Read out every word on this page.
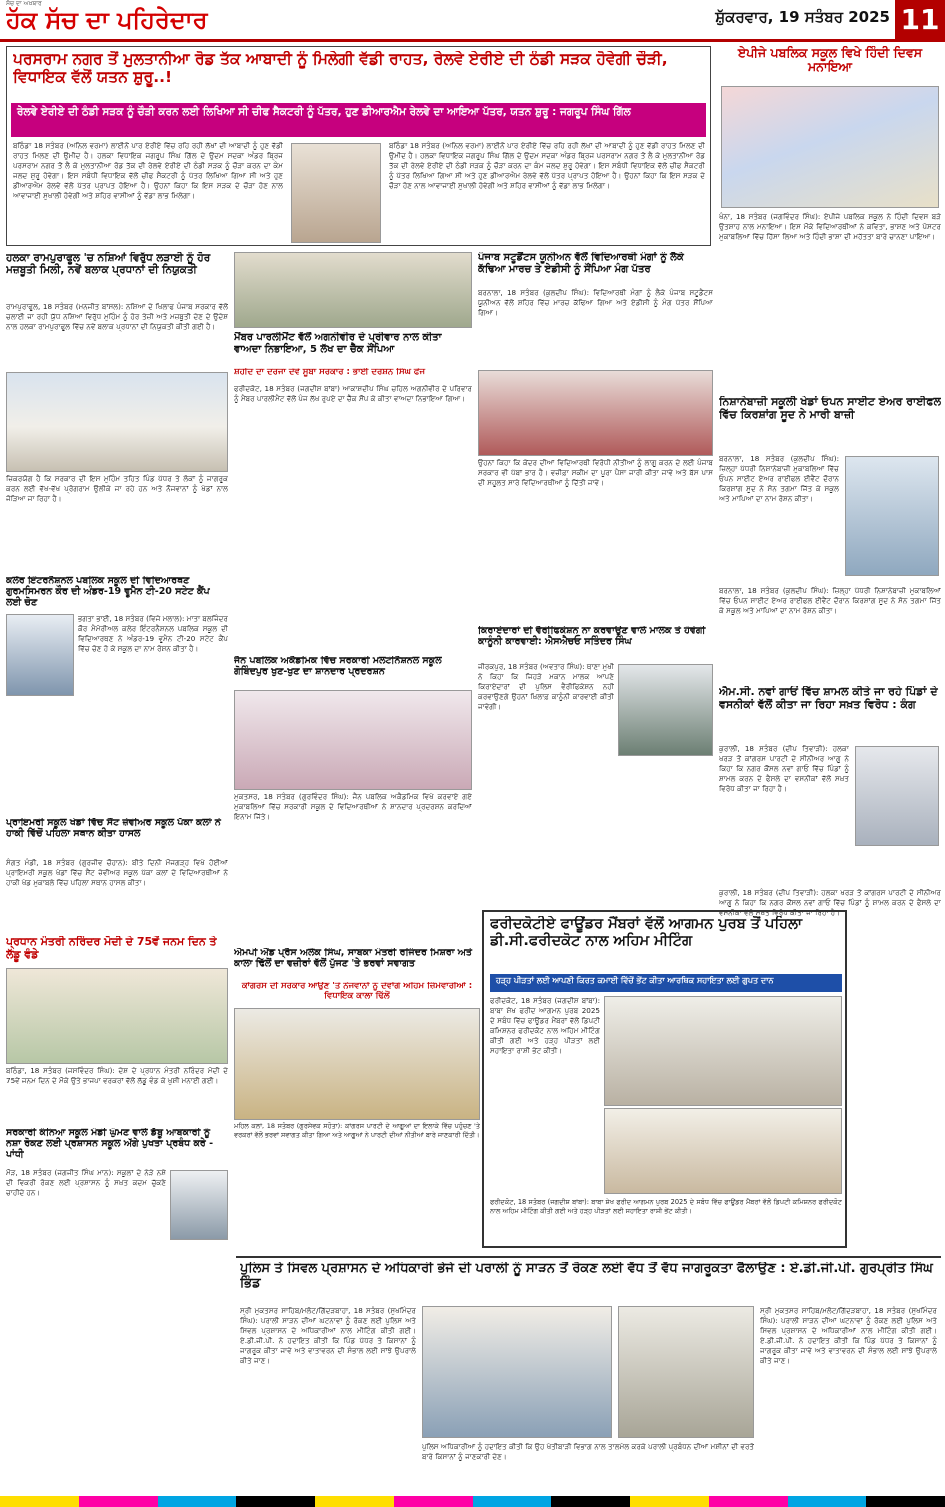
ਸੱਚ ਦਾ ਅਖ਼ਬਾਰ
ਹੱਕ ਸੱਚ ਦਾ ਪਹਿਰੇਦਾਰ	ਸ਼ੁੱਕਰਵਾਰ, 19 ਸਤੰਬਰ 2025 11
ਪਰਸਰਾਮ ਨਗਰ ਤੋਂ ਮੁਲਤਾਨੀਆ ਰੋਡ ਤੱਕ ਆਬਾਦੀ ਨੂੰ ਮਿਲੇਗੀ ਵੱਡੀ ਰਾਹਤ, ਰੇਲਵੇ ਏਰੀਏ ਦੀ ਠੰਡੀ ਸੜਕ ਹੋਵੇਗੀ ਚੌੜੀ, ਵਿਧਾਇਕ ਵੱਲੋਂ ਯਤਨ ਸ਼ੁਰੂ..!
ਰੇਲਵੇ ਏਰੀਏ ਦੀ ਠੰਡੀ ਸੜਕ ਨੂੰ ਚੌੜੀ ਕਰਨ ਲਈ ਲਿਖਿਆ ਸੀ ਚੀਫ ਸੈਕਟਰੀ ਨੂੰ ਪੱਤਰ, ਹੁਣ ਡੀਆਰਐਮ ਰੇਲਵੇ ਦਾ ਆਇਆ ਪੱਤਰ, ਯਤਨ ਸ਼ੁਰੂ : ਜਗਰੂਪ ਸਿੰਘ ਗਿੱਲ
ਬਠਿੰਡਾ 18 ਸਤੰਬਰ (ਅਨਿਲ ਵਰਮਾ) ਲਾਈਨੋਂ ਪਾਰ ਏਰੀਏ ਵਿੱਚ ਰਹਿ ਰਹੀ ਲੱਖਾਂ ਦੀ ਆਬਾਦੀ ਨੂੰ ਹੁਣ ਵੱਡੀ ਰਾਹਤ ਮਿਲਣ ਦੀ ਉਮੀਦ ਹੈ। ਹਲਕਾ ਵਿਧਾਇਕ ਜਗਰੂਪ ਸਿੰਘ ਗਿੱਲ ਦੇ ਉਦਮ ਸਦਕਾ ਅੰਡਰ ਬ੍ਰਿਜ ਪਰਸਰਾਮ ਨਗਰ ਤੋਂ ਲੈ ਕੇ ਮੁਲਤਾਨੀਆ ਰੋਡ ਤੱਕ ਦੀ ਰੇਲਵੇ ਏਰੀਏ ਦੀ ਠੰਡੀ ਸੜਕ ਨੂੰ ਚੌੜਾ ਕਰਨ ਦਾ ਕੰਮ ਜਲਦ ਸ਼ੁਰੂ ਹੋਵੇਗਾ। ਇਸ ਸਬੰਧੀ ਵਿਧਾਇਕ ਵੱਲੋਂ ਚੀਫ ਸੈਕਟਰੀ ਨੂੰ ਪੱਤਰ ਲਿਖਿਆ ਗਿਆ ਸੀ ਅਤੇ ਹੁਣ ਡੀਆਰਐਮ ਰੇਲਵੇ ਵੱਲੋਂ ਪੱਤਰ ਪ੍ਰਾਪਤ ਹੋਇਆ ਹੈ। ਉਹਨਾਂ ਕਿਹਾ ਕਿ ਇਸ ਸੜਕ ਦੇ ਚੌੜਾ ਹੋਣ ਨਾਲ ਆਵਾਜਾਈ ਸੁਖਾਲੀ ਹੋਵੇਗੀ ਅਤੇ ਸ਼ਹਿਰ ਵਾਸੀਆਂ ਨੂੰ ਵੱਡਾ ਲਾਭ ਮਿਲੇਗਾ।
ਬਠਿੰਡਾ 18 ਸਤੰਬਰ (ਅਨਿਲ ਵਰਮਾ) ਲਾਈਨੋਂ ਪਾਰ ਏਰੀਏ ਵਿੱਚ ਰਹਿ ਰਹੀ ਲੱਖਾਂ ਦੀ ਆਬਾਦੀ ਨੂੰ ਹੁਣ ਵੱਡੀ ਰਾਹਤ ਮਿਲਣ ਦੀ ਉਮੀਦ ਹੈ। ਹਲਕਾ ਵਿਧਾਇਕ ਜਗਰੂਪ ਸਿੰਘ ਗਿੱਲ ਦੇ ਉਦਮ ਸਦਕਾ ਅੰਡਰ ਬ੍ਰਿਜ ਪਰਸਰਾਮ ਨਗਰ ਤੋਂ ਲੈ ਕੇ ਮੁਲਤਾਨੀਆ ਰੋਡ ਤੱਕ ਦੀ ਰੇਲਵੇ ਏਰੀਏ ਦੀ ਠੰਡੀ ਸੜਕ ਨੂੰ ਚੌੜਾ ਕਰਨ ਦਾ ਕੰਮ ਜਲਦ ਸ਼ੁਰੂ ਹੋਵੇਗਾ। ਇਸ ਸਬੰਧੀ ਵਿਧਾਇਕ ਵੱਲੋਂ ਚੀਫ ਸੈਕਟਰੀ ਨੂੰ ਪੱਤਰ ਲਿਖਿਆ ਗਿਆ ਸੀ ਅਤੇ ਹੁਣ ਡੀਆਰਐਮ ਰੇਲਵੇ ਵੱਲੋਂ ਪੱਤਰ ਪ੍ਰਾਪਤ ਹੋਇਆ ਹੈ। ਉਹਨਾਂ ਕਿਹਾ ਕਿ ਇਸ ਸੜਕ ਦੇ ਚੌੜਾ ਹੋਣ ਨਾਲ ਆਵਾਜਾਈ ਸੁਖਾਲੀ ਹੋਵੇਗੀ ਅਤੇ ਸ਼ਹਿਰ ਵਾਸੀਆਂ ਨੂੰ ਵੱਡਾ ਲਾਭ ਮਿਲੇਗਾ।
ਏਪੀਜੇ ਪਬਲਿਕ ਸਕੂਲ ਵਿਖੇ ਹਿੰਦੀ ਦਿਵਸ ਮਨਾਇਆ
ਖੰਨਾ, 18 ਸਤੰਬਰ (ਜਗਵਿੰਦਰ ਸਿੰਘ): ਏਪੀਜੇ ਪਬਲਿਕ ਸਕੂਲ ਨੇ ਹਿੰਦੀ ਦਿਵਸ ਬੜੇ ਉਤਸ਼ਾਹ ਨਾਲ ਮਨਾਇਆ। ਇਸ ਮੌਕੇ ਵਿਦਿਆਰਥੀਆਂ ਨੇ ਕਵਿਤਾ, ਭਾਸ਼ਣ ਅਤੇ ਪੋਸਟਰ ਮੁਕਾਬਲਿਆਂ ਵਿੱਚ ਹਿੱਸਾ ਲਿਆ ਅਤੇ ਹਿੰਦੀ ਭਾਸ਼ਾ ਦੀ ਮਹੱਤਤਾ ਬਾਰੇ ਚਾਨਣਾ ਪਾਇਆ।
ਨਿਸ਼ਾਨੇਬਾਜ਼ੀ ਸਕੂਲੀ ਖੇਡਾਂ ਓਪਨ ਸਾਈਟ ਏਅਰ ਰਾਈਫਲ ਵਿੱਚ ਕਿਰਸ਼ਾਂਗ ਸੂਦ ਨੇ ਮਾਰੀ ਬਾਜ਼ੀ
ਬਰਨਾਲਾ, 18 ਸਤੰਬਰ (ਕੁਲਦੀਪ ਸਿੰਘ): ਜ਼ਿਲ੍ਹਾ ਪੱਧਰੀ ਨਿਸ਼ਾਨੇਬਾਜ਼ੀ ਮੁਕਾਬਲਿਆਂ ਵਿੱਚ ਓਪਨ ਸਾਈਟ ਏਅਰ ਰਾਈਫਲ ਈਵੈਂਟ ਦੌਰਾਨ ਕਿਰਸ਼ਾਂਗ ਸੂਦ ਨੇ ਸੋਨ ਤਗਮਾ ਜਿੱਤ ਕੇ ਸਕੂਲ ਅਤੇ ਮਾਪਿਆਂ ਦਾ ਨਾਮ ਰੋਸ਼ਨ ਕੀਤਾ।
ਬਰਨਾਲਾ, 18 ਸਤੰਬਰ (ਕੁਲਦੀਪ ਸਿੰਘ): ਜ਼ਿਲ੍ਹਾ ਪੱਧਰੀ ਨਿਸ਼ਾਨੇਬਾਜ਼ੀ ਮੁਕਾਬਲਿਆਂ ਵਿੱਚ ਓਪਨ ਸਾਈਟ ਏਅਰ ਰਾਈਫਲ ਈਵੈਂਟ ਦੌਰਾਨ ਕਿਰਸ਼ਾਂਗ ਸੂਦ ਨੇ ਸੋਨ ਤਗਮਾ ਜਿੱਤ ਕੇ ਸਕੂਲ ਅਤੇ ਮਾਪਿਆਂ ਦਾ ਨਾਮ ਰੋਸ਼ਨ ਕੀਤਾ।
ਐਮ.ਸੀ. ਨਵਾਂ ਗਾਓਂ ਵਿੱਚ ਸ਼ਾਮਲ ਕੀਤੇ ਜਾ ਰਹੇ ਪਿੰਡਾਂ ਦੇ ਵਸਨੀਕਾਂ ਵੱਲੋਂ ਕੀਤਾ ਜਾ ਰਿਹਾ ਸਖ਼ਤ ਵਿਰੋਧ : ਕੰਗ
ਕੁਰਾਲੀ, 18 ਸਤੰਬਰ (ਦੀਪ ਤਿਵਾੜੀ): ਹਲਕਾ ਖਰੜ ਤੋਂ ਕਾਂਗਰਸ ਪਾਰਟੀ ਦੇ ਸੀਨੀਅਰ ਆਗੂ ਨੇ ਕਿਹਾ ਕਿ ਨਗਰ ਕੌਂਸਲ ਨਵਾਂ ਗਾਓਂ ਵਿੱਚ ਪਿੰਡਾਂ ਨੂੰ ਸ਼ਾਮਲ ਕਰਨ ਦੇ ਫੈਸਲੇ ਦਾ ਵਸਨੀਕਾਂ ਵੱਲੋਂ ਸਖ਼ਤ ਵਿਰੋਧ ਕੀਤਾ ਜਾ ਰਿਹਾ ਹੈ।
ਕੁਰਾਲੀ, 18 ਸਤੰਬਰ (ਦੀਪ ਤਿਵਾੜੀ): ਹਲਕਾ ਖਰੜ ਤੋਂ ਕਾਂਗਰਸ ਪਾਰਟੀ ਦੇ ਸੀਨੀਅਰ ਆਗੂ ਨੇ ਕਿਹਾ ਕਿ ਨਗਰ ਕੌਂਸਲ ਨਵਾਂ ਗਾਓਂ ਵਿੱਚ ਪਿੰਡਾਂ ਨੂੰ ਸ਼ਾਮਲ ਕਰਨ ਦੇ ਫੈਸਲੇ ਦਾ ਵਸਨੀਕਾਂ ਵੱਲੋਂ ਸਖ਼ਤ ਵਿਰੋਧ ਕੀਤਾ ਜਾ ਰਿਹਾ ਹੈ।
ਹਲਕਾ ਰਾਮਪੁਰਾਫੂਲ 'ਚ ਨਸ਼ਿਆਂ ਵਿਰੁੱਧ ਲੜਾਈ ਨੂੰ ਹੋਰ ਮਜ਼ਬੂਤੀ ਮਿਲੀ, ਨਵੇਂ ਬਲਾਕ ਪ੍ਰਧਾਨਾਂ ਦੀ ਨਿਯੁਕਤੀ
ਰਾਮਪੁਰਾਫੂਲ, 18 ਸਤੰਬਰ (ਮਨਜੀਤ ਬਾਂਸਲ): ਨਸ਼ਿਆਂ ਦੇ ਖਿਲਾਫ ਪੰਜਾਬ ਸਰਕਾਰ ਵੱਲੋਂ ਚਲਾਈ ਜਾ ਰਹੀ ਯੁੱਧ ਨਸ਼ਿਆਂ ਵਿਰੁੱਧ ਮੁਹਿੰਮ ਨੂੰ ਹੋਰ ਤੇਜ਼ੀ ਅਤੇ ਮਜ਼ਬੂਤੀ ਦੇਣ ਦੇ ਉਦੇਸ਼ ਨਾਲ ਹਲਕਾ ਰਾਮਪੁਰਾਫੂਲ ਵਿੱਚ ਨਵੇਂ ਬਲਾਕ ਪ੍ਰਧਾਨਾਂ ਦੀ ਨਿਯੁਕਤੀ ਕੀਤੀ ਗਈ ਹੈ।
ਜ਼ਿਕਰਯੋਗ ਹੈ ਕਿ ਸਰਕਾਰ ਦੀ ਇਸ ਮੁਹਿੰਮ ਤਹਿਤ ਪਿੰਡ ਪੱਧਰ ਤੇ ਲੋਕਾਂ ਨੂੰ ਜਾਗਰੂਕ ਕਰਨ ਲਈ ਵੱਖ-ਵੱਖ ਪ੍ਰੋਗਰਾਮ ਉਲੀਕੇ ਜਾ ਰਹੇ ਹਨ ਅਤੇ ਨੌਜਵਾਨਾਂ ਨੂੰ ਖੇਡਾਂ ਨਾਲ ਜੋੜਿਆ ਜਾ ਰਿਹਾ ਹੈ।
ਕਲੇਰ ਇੰਟਰਨੈਸ਼ਨਲ ਪਬਲਿਕ ਸਕੂਲ ਦੀ ਵਿਦਿਆਰਥਣ ਗੁਰਮਸਿਮਰਨ ਕੌਰ ਦੀ ਅੰਡਰ-19 ਵੂਮੈਨ ਟੀ-20 ਸਟੇਟ ਕੈਂਪ ਲਈ ਚੋਣ
ਭਗਤਾ ਭਾਈ, 18 ਸਤੰਬਰ (ਵਿਜੇ ਮਲਾਲ): ਮਾਤਾ ਬਲਜਿੰਦਰ ਕੌਰ ਮੈਮੋਰੀਅਲ ਕਲੇਰ ਇੰਟਰਨੈਸ਼ਨਲ ਪਬਲਿਕ ਸਕੂਲ ਦੀ ਵਿਦਿਆਰਥਣ ਨੇ ਅੰਡਰ-19 ਵੂਮੈਨ ਟੀ-20 ਸਟੇਟ ਕੈਂਪ ਵਿੱਚ ਚੋਣ ਹੋ ਕੇ ਸਕੂਲ ਦਾ ਨਾਮ ਰੋਸ਼ਨ ਕੀਤਾ ਹੈ।
ਪ੍ਰਾਇਮਰੀ ਸਕੂਲ ਖੇਡਾਂ ਵਿੱਚ ਸੈਂਟ ਜ਼ੇਵੀਅਰ ਸਕੂਲ ਪੱਕਾ ਕਲਾਂ ਨੇ ਹਾਕੀ ਵਿੱਚੋਂ ਪਹਿਲਾ ਸਥਾਨ ਕੀਤਾ ਹਾਸਲ
ਸੰਗਤ ਮੰਡੀ, 18 ਸਤੰਬਰ (ਗੁਰਜੀਵ ਚੌਹਾਨ): ਬੀਤੇ ਦਿਨੀਂ ਮੌਜਗੜ੍ਹ ਵਿਖੇ ਹੋਈਆਂ ਪ੍ਰਾਇਮਰੀ ਸਕੂਲ ਖੇਡਾਂ ਵਿੱਚ ਸੈਂਟ ਜ਼ੇਵੀਅਰ ਸਕੂਲ ਪੱਕਾ ਕਲਾਂ ਦੇ ਵਿਦਿਆਰਥੀਆਂ ਨੇ ਹਾਕੀ ਖੇਡ ਮੁਕਾਬਲੇ ਵਿੱਚ ਪਹਿਲਾ ਸਥਾਨ ਹਾਸਲ ਕੀਤਾ।
ਪ੍ਰਧਾਨ ਮੰਤਰੀ ਨਰਿੰਦਰ ਮੋਦੀ ਦੇ 75ਵੇਂ ਜਨਮ ਦਿਨ ਤੇ ਲੱਡੂ ਵੰਡੇ
ਬਠਿੰਡਾ, 18 ਸਤੰਬਰ (ਜਸਵਿੰਦਰ ਸਿੰਘ): ਦੇਸ਼ ਦੇ ਪ੍ਰਧਾਨ ਮੰਤਰੀ ਨਰਿੰਦਰ ਮੋਦੀ ਦੇ 75ਵੇਂ ਜਨਮ ਦਿਨ ਦੇ ਮੌਕੇ ਉਤੇ ਭਾਜਪਾ ਵਰਕਰਾਂ ਵੱਲੋਂ ਲੱਡੂ ਵੰਡ ਕੇ ਖੁਸ਼ੀ ਮਨਾਈ ਗਈ।
ਸਰਕਾਰੀ ਕੰਨਿਆ ਸਕੂਲ ਮੰਡੀ ਘੁੰਮਣ ਵਾਲੇ ਡੱਬੂ ਆਬਕਾਰੀ ਨੂੰ ਨਸ਼ਾ ਰੋਕਣ ਲਈ ਪ੍ਰਸ਼ਾਸਨ ਸਕੂਲ ਅੱਗੇ ਪੁਖਤਾ ਪ੍ਰਬੰਧ ਕਰੇ - ਪਾਂਧੀ
ਮੌੜ, 18 ਸਤੰਬਰ (ਜਗਜੀਤ ਸਿੰਘ ਮਾਨ): ਸਕੂਲਾਂ ਦੇ ਨੇੜੇ ਨਸ਼ੇ ਦੀ ਵਿਕਰੀ ਰੋਕਣ ਲਈ ਪ੍ਰਸ਼ਾਸਨ ਨੂੰ ਸਖ਼ਤ ਕਦਮ ਚੁੱਕਣੇ ਚਾਹੀਦੇ ਹਨ।
ਮੈਂਬਰ ਪਾਰਲੀਮੈਂਟ ਵੱਲੋਂ ਅਗਨੀਵੀਰ ਦੇ ਪ੍ਰੀਵਾਰ ਨਾਲ ਕੀਤਾ ਵਾਅਦਾ ਨਿਭਾਇਆ, 5 ਲੱਖ ਦਾ ਚੈੱਕ ਸੌਂਪਿਆ
ਸ਼ਹੀਦ ਦਾ ਦਰਜਾ ਦੇਵੇ ਸੂਬਾ ਸਰਕਾਰ : ਭਾਈ ਦਰਸ਼ਨ ਸਿੰਘ ਫੌਜ
ਫਰੀਦਕੋਟ, 18 ਸਤੰਬਰ (ਜਗਦੀਸ਼ ਬਾਂਬਾ) ਆਕਾਸ਼ਦੀਪ ਸਿੰਘ ਚਹਿਲ ਅਗਨੀਵੀਰ ਦੇ ਪਰਿਵਾਰ ਨੂੰ ਮੈਂਬਰ ਪਾਰਲੀਮੈਂਟ ਵੱਲੋਂ ਪੰਜ ਲੱਖ ਰੁਪਏ ਦਾ ਚੈੱਕ ਸੌਂਪ ਕੇ ਕੀਤਾ ਵਾਅਦਾ ਨਿਭਾਇਆ ਗਿਆ।
ਜੈਨ ਪਬਲਿਕ ਅਕੈਡਮਿਕ ਵਿੱਚ ਸਰਕਾਰੀ ਮਲਟੀਨੈਸ਼ਨਲ ਸਕੂਲ ਗੋਬਿੰਦਪੁਰ ਖੁਣ-ਖੁਣ ਦਾ ਸ਼ਾਨਦਾਰ ਪ੍ਰਦਰਸ਼ਨ
ਮੁਕਤਸਰ, 18 ਸਤੰਬਰ (ਗੁਰਵਿੰਦਰ ਸਿੰਘ): ਜੈਨ ਪਬਲਿਕ ਅਕੈਡਮਿਕ ਵਿਖੇ ਕਰਵਾਏ ਗਏ ਮੁਕਾਬਲਿਆਂ ਵਿੱਚ ਸਰਕਾਰੀ ਸਕੂਲ ਦੇ ਵਿਦਿਆਰਥੀਆਂ ਨੇ ਸ਼ਾਨਦਾਰ ਪ੍ਰਦਰਸ਼ਨ ਕਰਦਿਆਂ ਇਨਾਮ ਜਿੱਤੇ।
ਪੰਜਾਬ ਸਟੂਡੈਂਟਸ ਯੂਨੀਅਨ ਵੱਲੋਂ ਵਿਦਿਆਰਥੀ ਮੰਗਾਂ ਨੂੰ ਲੈਕੇ ਕੱਢਿਆ ਮਾਰਚ ਤੇ ਏਡੀਸੀ ਨੂੰ ਸੌਂਪਿਆ ਮੰਗ ਪੱਤਰ
ਬਰਨਾਲਾ, 18 ਸਤੰਬਰ (ਕੁਲਦੀਪ ਸਿੰਘ): ਵਿਦਿਆਰਥੀ ਮੰਗਾਂ ਨੂੰ ਲੈਕੇ ਪੰਜਾਬ ਸਟੂਡੈਂਟਸ ਯੂਨੀਅਨ ਵੱਲੋਂ ਸ਼ਹਿਰ ਵਿੱਚ ਮਾਰਚ ਕੱਢਿਆ ਗਿਆ ਅਤੇ ਏਡੀਸੀ ਨੂੰ ਮੰਗ ਪੱਤਰ ਸੌਂਪਿਆ ਗਿਆ।
ਉਹਨਾਂ ਕਿਹਾ ਕਿ ਕੇਂਦਰ ਦੀਆਂ ਵਿਦਿਆਰਥੀ ਵਿਰੋਧੀ ਨੀਤੀਆਂ ਨੂੰ ਲਾਗੂ ਕਰਨ ਦੇ ਲਈ ਪੰਜਾਬ ਸਰਕਾਰ ਵੀ ਪੱਬਾਂ ਭਾਰ ਹੈ। ਵਜ਼ੀਫ਼ਾ ਸਕੀਮ ਦਾ ਪੂਰਾ ਪੈਸਾ ਜਾਰੀ ਕੀਤਾ ਜਾਵੇ ਅਤੇ ਬੱਸ ਪਾਸ ਦੀ ਸਹੂਲਤ ਸਾਰੇ ਵਿਦਿਆਰਥੀਆਂ ਨੂੰ ਦਿੱਤੀ ਜਾਵੇ।
ਕਿਰਾਏਦਾਰਾਂ ਦੀ ਵੈਰੀਫਿਕੇਸ਼ਨ ਨਾ ਕਰਵਾਉਣ ਵਾਲੇ ਮਾਲਕ ਤੇ ਹੋਵੇਗੀ ਕਾਨੂੰਨੀ ਕਾਰਵਾਈ: ਐਸਐਚਓ ਸਤਿੰਦਰ ਸਿੰਘ
ਜੀਰਕਪੁਰ, 18 ਸਤੰਬਰ (ਅਵਤਾਰ ਸਿੰਘ): ਥਾਣਾ ਮੁਖੀ ਨੇ ਕਿਹਾ ਕਿ ਜਿਹੜੇ ਮਕਾਨ ਮਾਲਕ ਆਪਣੇ ਕਿਰਾਏਦਾਰਾਂ ਦੀ ਪੁਲਿਸ ਵੈਰੀਫਿਕੇਸ਼ਨ ਨਹੀਂ ਕਰਵਾਉਣਗੇ ਉਹਨਾਂ ਖ਼ਿਲਾਫ਼ ਕਾਨੂੰਨੀ ਕਾਰਵਾਈ ਕੀਤੀ ਜਾਵੇਗੀ।
ਐਮਪੀ ਐਂਡ ਪ੍ਰੈਸ ਅਲੋਕ ਸਿੰਘ, ਸਾਬਕਾ ਮੰਤਰੀ ਰਜਿੰਦਰ ਮਿਸ਼ਰਾ ਅਤੇ ਕਾਲਾ ਢਿੱਲੋਂ ਦਾ ਵਜ਼ੀਰਾਂ ਵੱਲੋਂ ਪੁੱਜਣ 'ਤੇ ਭਰਵਾਂ ਸਵਾਗਤ
ਕਾਂਗਰਸ ਦੀ ਸਰਕਾਰ ਆਉਣ 'ਤੇ ਨੌਜਵਾਨਾਂ ਨੂੰ ਦੇਵਾਂਗੇ ਅਹਿਮ ਜ਼ਿੰਮੇਵਾਰੀਆਂ : ਵਿਧਾਇਕ ਕਾਲਾ ਢਿੱਲੋਂ
ਮਹਿਲ ਕਲਾਂ, 18 ਸਤੰਬਰ (ਗੁਰਸੇਵਕ ਸਹੋਤਾ): ਕਾਂਗਰਸ ਪਾਰਟੀ ਦੇ ਆਗੂਆਂ ਦਾ ਇਲਾਕੇ ਵਿੱਚ ਪਹੁੰਚਣ 'ਤੇ ਵਰਕਰਾਂ ਵੱਲੋਂ ਭਰਵਾਂ ਸਵਾਗਤ ਕੀਤਾ ਗਿਆ ਅਤੇ ਆਗੂਆਂ ਨੇ ਪਾਰਟੀ ਦੀਆਂ ਨੀਤੀਆਂ ਬਾਰੇ ਜਾਣਕਾਰੀ ਦਿੱਤੀ।
ਫਰੀਦਕੋਟੀਏ ਫਾਊਂਡਰ ਮੈਂਬਰਾਂ ਵੱਲੋਂ ਆਗਮਨ ਪੁਰਬ ਤੋਂ ਪਹਿਲਾ ਡੀ.ਸੀ.ਫਰੀਦਕੋਟ ਨਾਲ ਅਹਿਮ ਮੀਟਿੰਗ
ਹੜ੍ਹ ਪੀੜਤਾਂ ਲਈ ਆਪਣੀ ਕਿਰਤ ਕਮਾਈ ਵਿੱਚੋਂ ਭੇਂਟ ਕੀਤਾ ਆਰਥਿਕ ਸਹਾਇਤਾ ਲਈ ਗੁਪਤ ਦਾਨ
ਫਰੀਦਕੋਟ, 18 ਸਤੰਬਰ (ਜਗਦੀਸ਼ ਬਾਂਬਾ): ਬਾਬਾ ਸ਼ੇਖ ਫਰੀਦ ਆਗਮਨ ਪੁਰਬ 2025 ਦੇ ਸਬੰਧ ਵਿੱਚ ਫਾਊਂਡਰ ਮੈਂਬਰਾਂ ਵੱਲੋਂ ਡਿਪਟੀ ਕਮਿਸ਼ਨਰ ਫਰੀਦਕੋਟ ਨਾਲ ਅਹਿਮ ਮੀਟਿੰਗ ਕੀਤੀ ਗਈ ਅਤੇ ਹੜ੍ਹ ਪੀੜਤਾਂ ਲਈ ਸਹਾਇਤਾ ਰਾਸ਼ੀ ਭੇਂਟ ਕੀਤੀ।
ਫਰੀਦਕੋਟ, 18 ਸਤੰਬਰ (ਜਗਦੀਸ਼ ਬਾਂਬਾ): ਬਾਬਾ ਸ਼ੇਖ ਫਰੀਦ ਆਗਮਨ ਪੁਰਬ 2025 ਦੇ ਸਬੰਧ ਵਿੱਚ ਫਾਊਂਡਰ ਮੈਂਬਰਾਂ ਵੱਲੋਂ ਡਿਪਟੀ ਕਮਿਸ਼ਨਰ ਫਰੀਦਕੋਟ ਨਾਲ ਅਹਿਮ ਮੀਟਿੰਗ ਕੀਤੀ ਗਈ ਅਤੇ ਹੜ੍ਹ ਪੀੜਤਾਂ ਲਈ ਸਹਾਇਤਾ ਰਾਸ਼ੀ ਭੇਂਟ ਕੀਤੀ।
ਪੁਲਿਸ ਤੇ ਸਿਵਲ ਪ੍ਰਸ਼ਾਸਨ ਦੇ ਅਧਿਕਾਰੀ ਭੇਜੇ ਦੀ ਪਰਾਲੀ ਨੂੰ ਸਾੜਨ ਤੋਂ ਰੋਕਣ ਲਈ ਵੱਧ ਤੋਂ ਵੱਧ ਜਾਗਰੂਕਤਾ ਫੈਲਾਉਣ : ਏ.ਡੀ.ਜੀ.ਪੀ. ਗੁਰਪ੍ਰੀਤ ਸਿੰਘ ਭਿੰਡ
ਸ੍ਰੀ ਮੁਕਤਸਰ ਸਾਹਿਬ/ਮਲੋਟ/ਗਿੱਦੜਬਾਹਾ, 18 ਸਤੰਬਰ (ਸੁਖਮਿੰਦਰ ਸਿੰਘ): ਪਰਾਲੀ ਸਾੜਨ ਦੀਆਂ ਘਟਨਾਵਾਂ ਨੂੰ ਰੋਕਣ ਲਈ ਪੁਲਿਸ ਅਤੇ ਸਿਵਲ ਪ੍ਰਸ਼ਾਸਨ ਦੇ ਅਧਿਕਾਰੀਆਂ ਨਾਲ ਮੀਟਿੰਗ ਕੀਤੀ ਗਈ। ਏ.ਡੀ.ਜੀ.ਪੀ. ਨੇ ਹਦਾਇਤ ਕੀਤੀ ਕਿ ਪਿੰਡ ਪੱਧਰ ਤੇ ਕਿਸਾਨਾਂ ਨੂੰ ਜਾਗਰੂਕ ਕੀਤਾ ਜਾਵੇ ਅਤੇ ਵਾਤਾਵਰਨ ਦੀ ਸੰਭਾਲ ਲਈ ਸਾਂਝੇ ਉਪਰਾਲੇ ਕੀਤੇ ਜਾਣ।
ਪੁਲਿਸ ਅਧਿਕਾਰੀਆਂ ਨੂੰ ਹਦਾਇਤ ਕੀਤੀ ਕਿ ਉਹ ਖੇਤੀਬਾੜੀ ਵਿਭਾਗ ਨਾਲ ਤਾਲਮੇਲ ਕਰਕੇ ਪਰਾਲੀ ਪ੍ਰਬੰਧਨ ਦੀਆਂ ਮਸ਼ੀਨਾਂ ਦੀ ਵਰਤੋਂ ਬਾਰੇ ਕਿਸਾਨਾਂ ਨੂੰ ਜਾਣਕਾਰੀ ਦੇਣ।
ਸ੍ਰੀ ਮੁਕਤਸਰ ਸਾਹਿਬ/ਮਲੋਟ/ਗਿੱਦੜਬਾਹਾ, 18 ਸਤੰਬਰ (ਸੁਖਮਿੰਦਰ ਸਿੰਘ): ਪਰਾਲੀ ਸਾੜਨ ਦੀਆਂ ਘਟਨਾਵਾਂ ਨੂੰ ਰੋਕਣ ਲਈ ਪੁਲਿਸ ਅਤੇ ਸਿਵਲ ਪ੍ਰਸ਼ਾਸਨ ਦੇ ਅਧਿਕਾਰੀਆਂ ਨਾਲ ਮੀਟਿੰਗ ਕੀਤੀ ਗਈ। ਏ.ਡੀ.ਜੀ.ਪੀ. ਨੇ ਹਦਾਇਤ ਕੀਤੀ ਕਿ ਪਿੰਡ ਪੱਧਰ ਤੇ ਕਿਸਾਨਾਂ ਨੂੰ ਜਾਗਰੂਕ ਕੀਤਾ ਜਾਵੇ ਅਤੇ ਵਾਤਾਵਰਨ ਦੀ ਸੰਭਾਲ ਲਈ ਸਾਂਝੇ ਉਪਰਾਲੇ ਕੀਤੇ ਜਾਣ।
